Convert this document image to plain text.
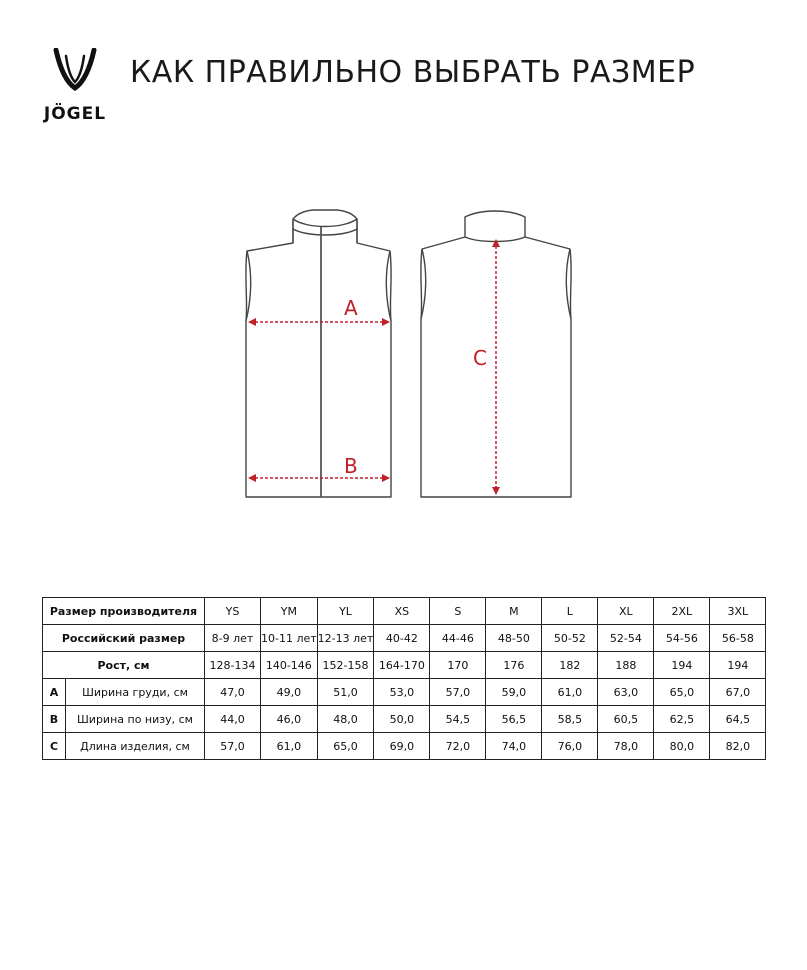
JÖGEL
КАК ПРАВИЛЬНО ВЫБРАТЬ РАЗМЕР
A
B
C
Размер производителя		YS	YM	YL	XS	S	M	L	XL	2XL	3XL
Российский размер		8-9 лет	10-11 лет	12-13 лет	40-42	44-46	48-50	50-52	52-54	54-56	56-58
Рост, см		128-134	140-146	152-158	164-170	170	176	182	188	194	194
A	Ширина груди, см	47,0	49,0	51,0	53,0	57,0	59,0	61,0	63,0	65,0	67,0
B	Ширина по низу, см	44,0	46,0	48,0	50,0	54,5	56,5	58,5	60,5	62,5	64,5
C	Длина изделия, см	57,0	61,0	65,0	69,0	72,0	74,0	76,0	78,0	80,0	82,0
